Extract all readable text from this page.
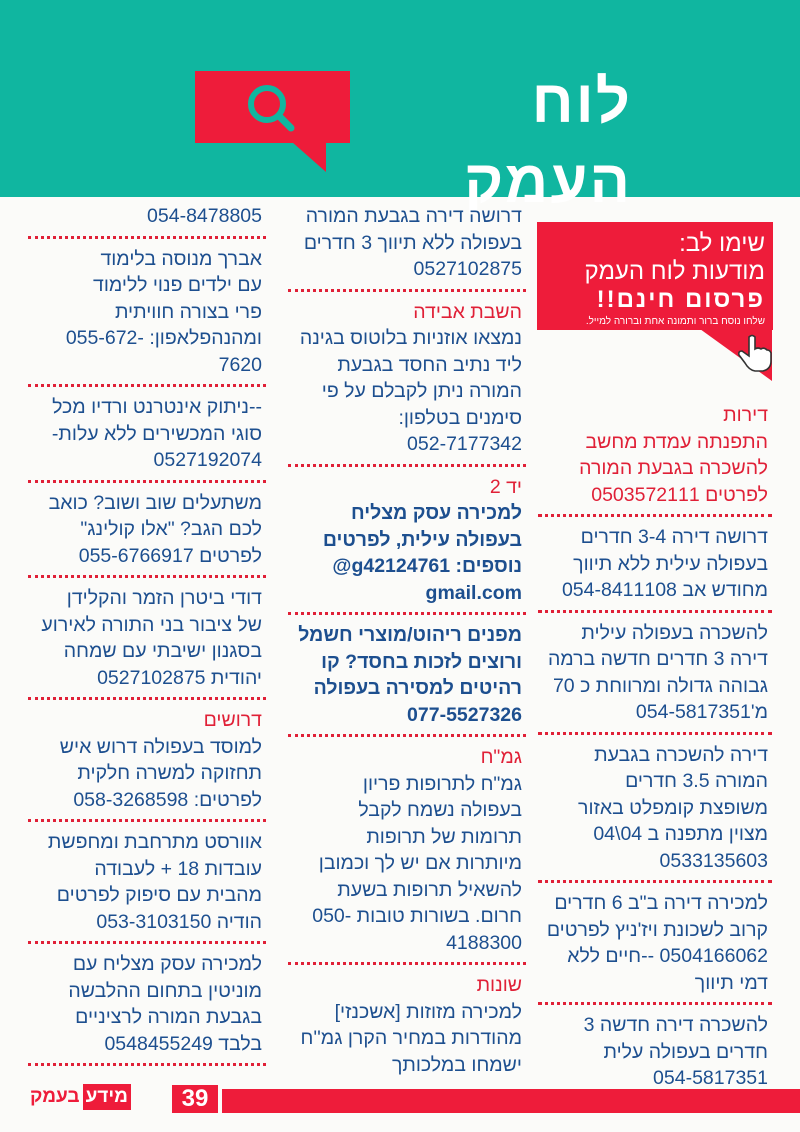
לוח העמק
שימו לב:
מודעות לוח העמק
פרסום חינם!!
שלחו נוסח ברור ותמונה אחת וברורה למייל.
דירות
התפנתה עמדת מחשב
להשכרה בגבעת המורה
לפרטים 0503572111
דרושה דירה 3-4 חדרים
בעפולה עילית ללא תיווך
מחודש אב 054-8411108
להשכרה בעפולה עילית
דירה 3 חדרים חדשה ברמה
גבוהה גדולה ומרווחת כ 70
מ'054-5817351
דירה להשכרה בגבעת
המורה 3.5 חדרים
משופצת קומפלט באזור
מצוין מתפנה ב 04\04
0533135603
למכירה דירה ב"ב 6 חדרים
קרוב לשכונת ויז'ניץ לפרטים
0504166062 --חיים ללא
דמי תיווך
להשכרה דירה חדשה 3
חדרים בעפולה עלית
054-5817351
דרושה דירה בגבעת המורה
בעפולה ללא תיווך 3 חדרים
0527102875
השבת אבידה
נמצאו אוזניות בלוטוס בגינה
ליד נתיב החסד בגבעת
המורה ניתן לקבלם על פי
סימנים בטלפון:
052-7177342
יד 2
למכירה עסק מצליח
בעפולה עילית, לפרטים
נוספים: g42124761@
gmail.com
מפנים ריהוט/מוצרי חשמל
ורוצים לזכות בחסד? קו
רהיטים למסירה בעפולה
077-5527326
גמ"ח
גמ"ח לתרופות פריון
בעפולה נשמח לקבל
תרומות של תרופות
מיותרות אם יש לך וכמובן
להשאיל תרופות בשעת
חרום. בשורות טובות -050
4188300
שונות
למכירה מזוזות [אשכנזי]
מהודרות במחיר הקרן גמ''ח
ישמחו במלכותך
054-8478805
אברך מנוסה בלימוד
עם ילדים פנוי ללימוד
פרי בצורה חוויתית
ומהנהפלאפון: -055-672
7620
--ניתוק אינטרנט ורדיו מכל
סוגי המכשירים ללא עלות-
0527192074
משתעלים שוב ושוב? כואב
לכם הגב? "אלו קולינג"
לפרטים 055-6766917
דודי ביטרן הזמר והקלידן
של ציבור בני התורה לאירוע
בסגנון ישיבתי עם שמחה
יהודית 0527102875
דרושים
למוסד בעפולה דרוש איש
תחזוקה למשרה חלקית
לפרטים: 058-3268598
אוורסט מתרחבת ומחפשת
עובדות 18 + לעבודה
מהבית עם סיפוק לפרטים
הודיה 053-3103150
למכירה עסק מצליח עם
מוניטין בתחום ההלבשה
בגבעת המורה לרציניים
בלבד 0548455249
39
מידע
בעמק
